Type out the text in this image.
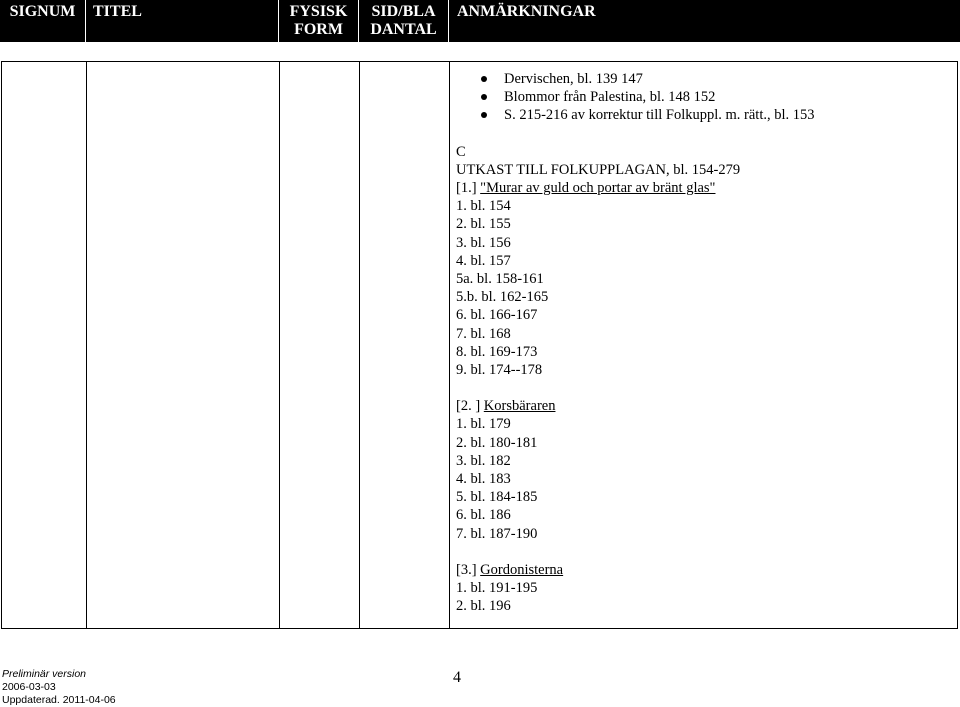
SIGNUM	TITEL	FYSISK
FORM
SID/BLA
DANTAL
ANMÄRKNINGAR
Dervischen, bl. 139 147
Blommor från Palestina, bl. 148 152
S. 215-216 av korrektur till Folkuppl. m. rätt., bl. 153
C
UTKAST TILL FOLKUPPLAGAN, bl. 154-279
[1.] "Murar av guld och portar av bränt glas"
1. bl. 154
2. bl. 155
3. bl. 156
4. bl. 157
5a. bl. 158-161
5.b. bl. 162-165
6. bl. 166-167
7. bl. 168
8. bl. 169-173
9. bl. 174--178
[2. ] Korsbäraren
1. bl. 179
2. bl. 180-181
3. bl. 182
4. bl. 183
5. bl. 184-185
6. bl. 186
7. bl. 187-190
[3.] Gordonisterna
1. bl. 191-195
2. bl. 196
Preliminär version
2006-03-03
Uppdaterad. 2011-04-06
4
